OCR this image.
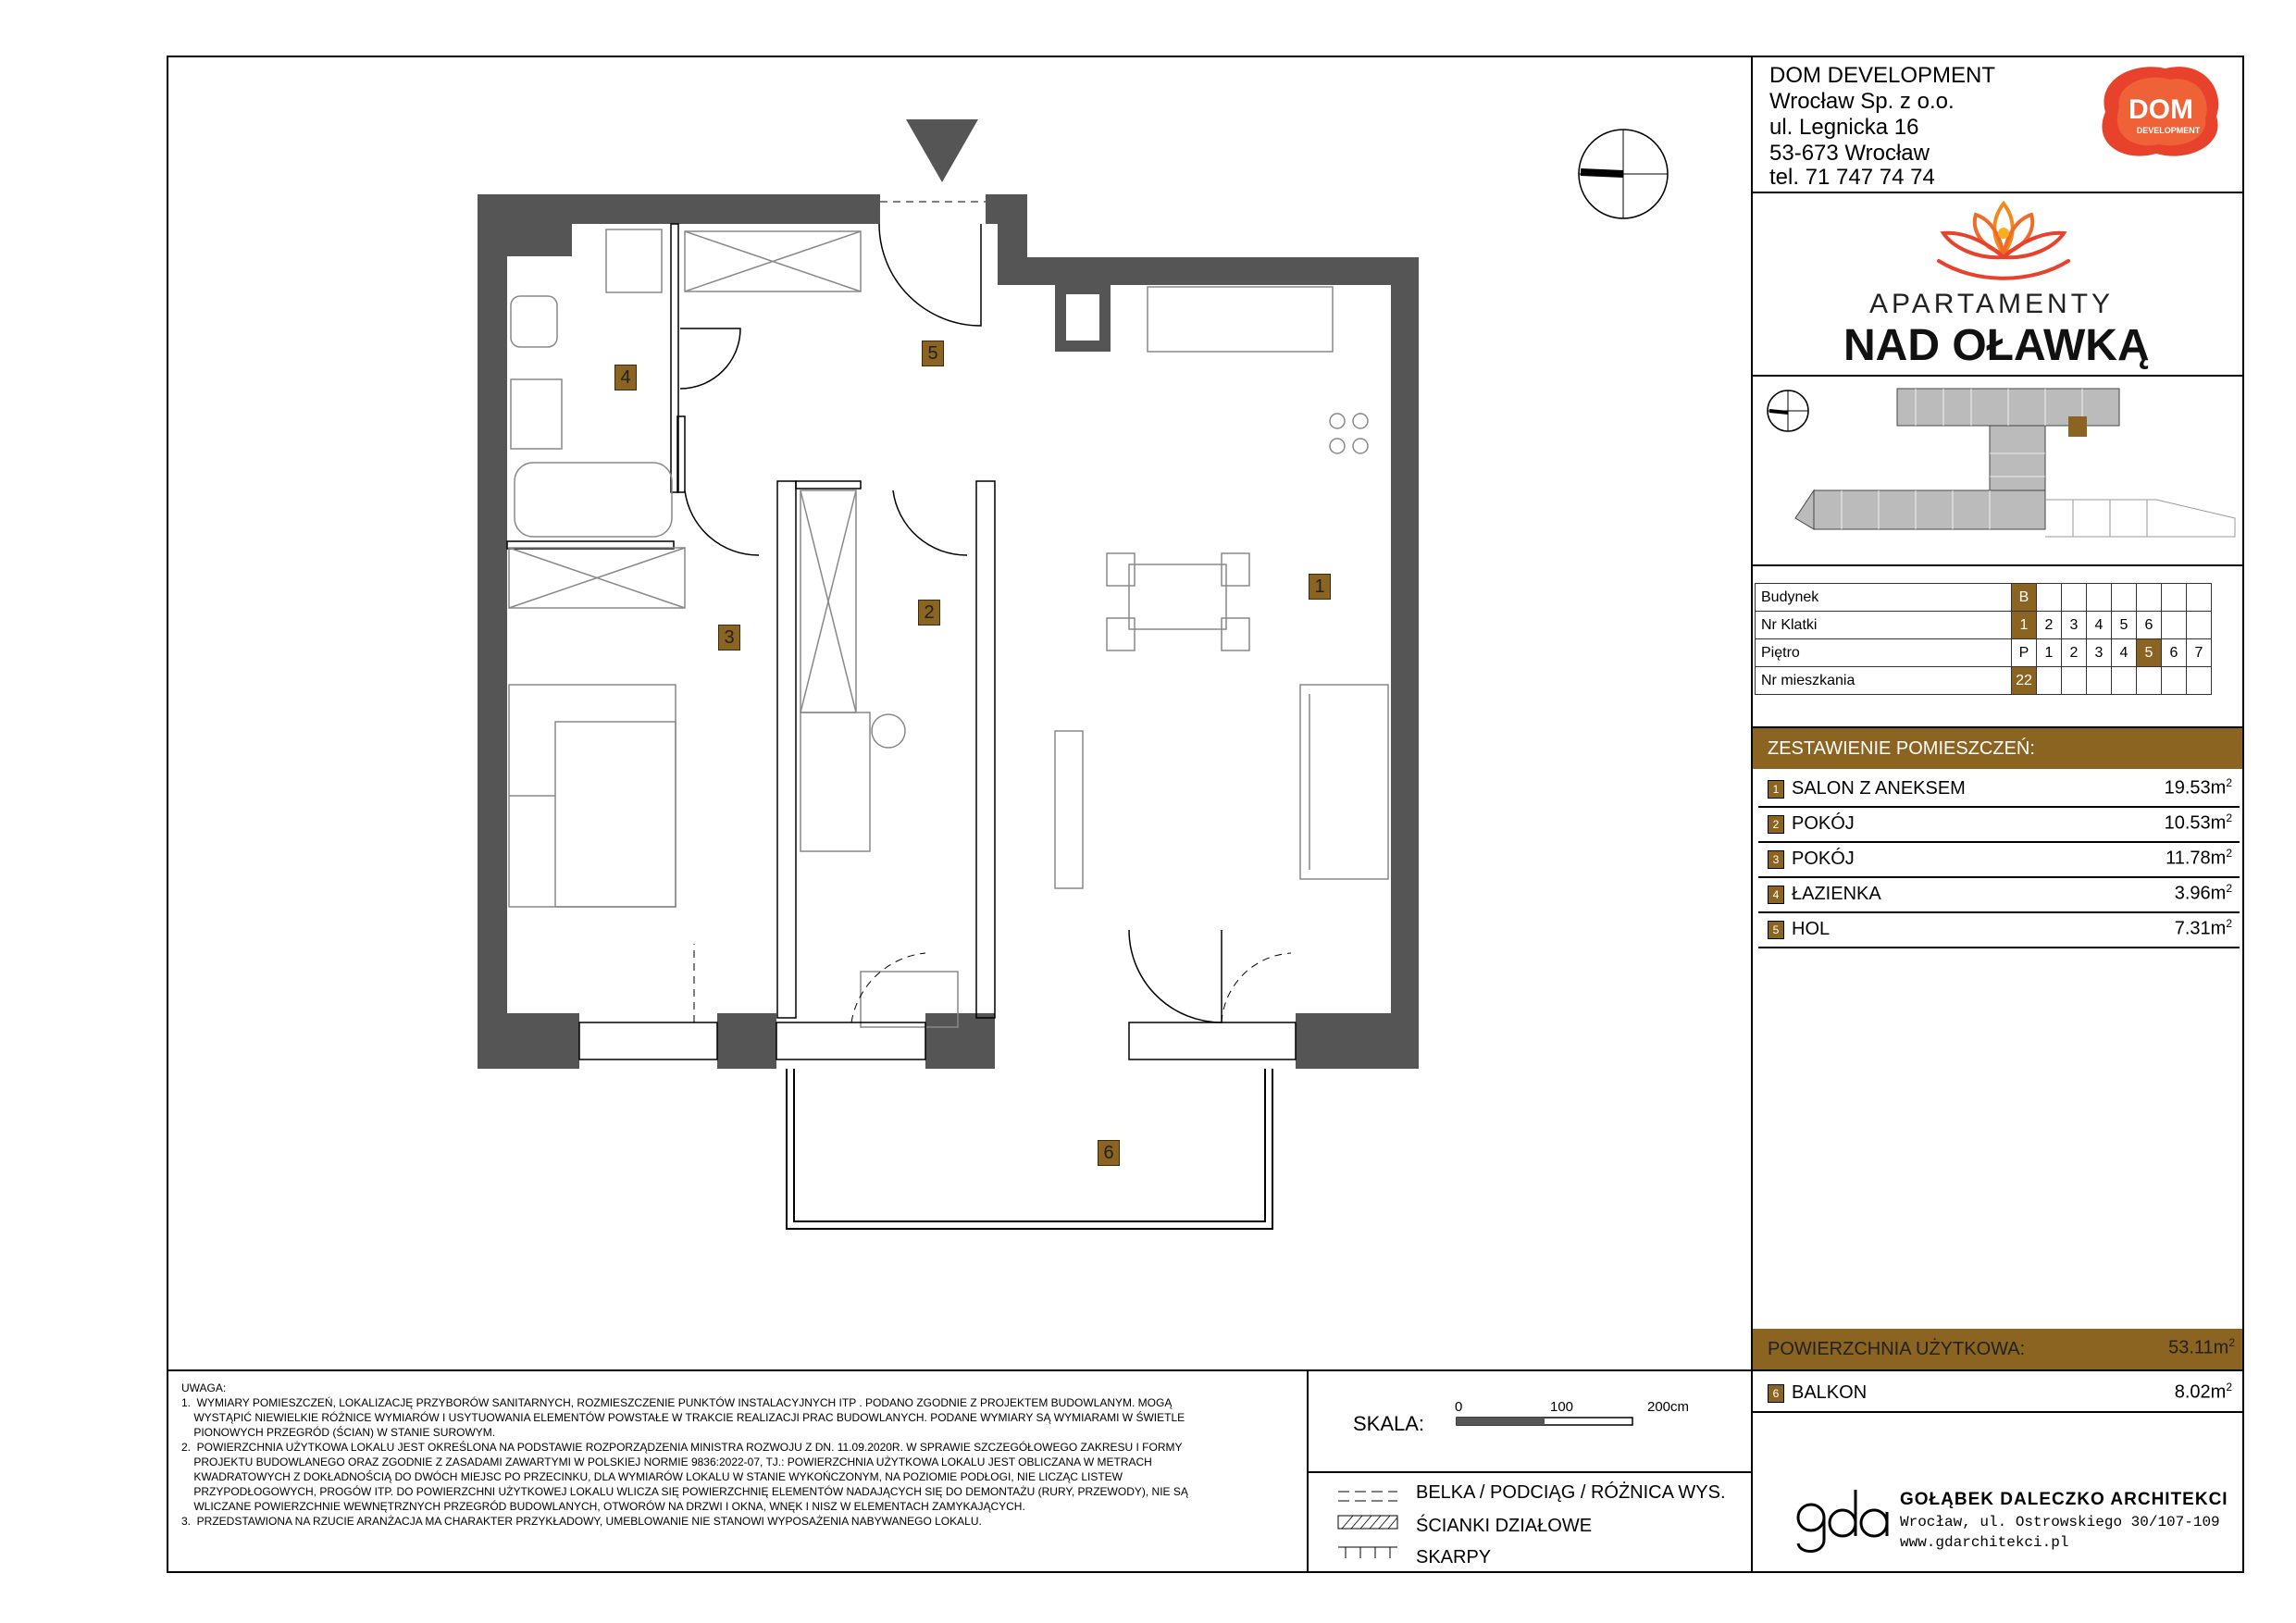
DOM DEVELOPMENT
Wrocław Sp. z o.o.
ul. Legnicka 16
53-673 Wrocław
tel. 71 747 74 74
DOM
DEVELOPMENT
APARTAMENTY
NAD OŁAWKĄ
Budynek	B							
Nr Klatki	1	2	3	4	5	6		
Piętro	P	1	2	3	4	5	6	7
Nr mieszkania	22							
ZESTAWIENIE POMIESZCZEŃ:
1 SALON Z ANEKSEM	$19.53m^2$
2 POKÓJ	$10.53m^2$
3 POKÓJ	$11.78m^2$
4 ŁAZIENKA	$3.96m^2$
5 HOL	$7.31m^2$
POWIERZCHNIA UŻYTKOWA:	$53.11m^2$
6 BALKON	$8.02m^2$
GOŁĄBEK DALECZKO ARCHITEKCI
Wrocław, ul. Ostrowskiego 30/107-109
www.gdarchitekci.pl
UWAGA:
1.  WYMIARY POMIESZCZEŃ, LOKALIZACJĘ PRZYBORÓW SANITARNYCH, ROZMIESZCZENIE PUNKTÓW INSTALACYJNYCH ITP . PODANO ZGODNIE Z PROJEKTEM BUDOWLANYM. MOGĄ
WYSTĄPIĆ NIEWIELKIE RÓŻNICE WYMIARÓW I USYTUOWANIA ELEMENTÓW POWSTAŁE W TRAKCIE REALIZACJI PRAC BUDOWLANYCH. PODANE WYMIARY SĄ WYMIARAMI W ŚWIETLE
PIONOWYCH PRZEGRÓD (ŚCIAN) W STANIE SUROWYM.
2.  POWIERZCHNIA UŻYTKOWA LOKALU JEST OKREŚLONA NA PODSTAWIE ROZPORZĄDZENIA MINISTRA ROZWOJU Z DN. 11.09.2020R. W SPRAWIE SZCZEGÓŁOWEGO ZAKRESU I FORMY
PROJEKTU BUDOWLANEGO ORAZ ZGODNIE Z ZASADAMI ZAWARTYMI W POLSKIEJ NORMIE 9836:2022-07, TJ.: POWIERZCHNIA UŻYTKOWA LOKALU JEST OBLICZANA W METRACH
KWADRATOWYCH Z DOKŁADNOŚCIĄ DO DWÓCH MIEJSC PO PRZECINKU, DLA WYMIARÓW LOKALU W STANIE WYKOŃCZONYM, NA POZIOMIE PODŁOGI, NIE LICZĄC LISTEW
PRZYPODŁOGOWYCH, PROGÓW ITP. DO POWIERZCHNI UŻYTKOWEJ LOKALU WLICZA SIĘ POWIERZCHNIĘ ELEMENTÓW NADAJĄCYCH SIĘ DO DEMONTAŻU (RURY, PRZEWODY), NIE SĄ
WLICZANE POWIERZCHNIE WEWNĘTRZNYCH PRZEGRÓD BUDOWLANYCH, OTWORÓW NA DRZWI I OKNA, WNĘK I NISZ W ELEMENTACH ZAMYKAJĄCYCH.
3.  PRZEDSTAWIONA NA RZUCIE ARANŻACJA MA CHARAKTER PRZYKŁADOWY, UMEBLOWANIE NIE STANOWI WYPOSAŻENIA NABYWANEGO LOKALU.
SKALA:
0	100	200cm
BELKA / PODCIĄG / RÓŻNICA WYS.
ŚCIANKI DZIAŁOWE
SKARPY
1
2
3
4
5
6
